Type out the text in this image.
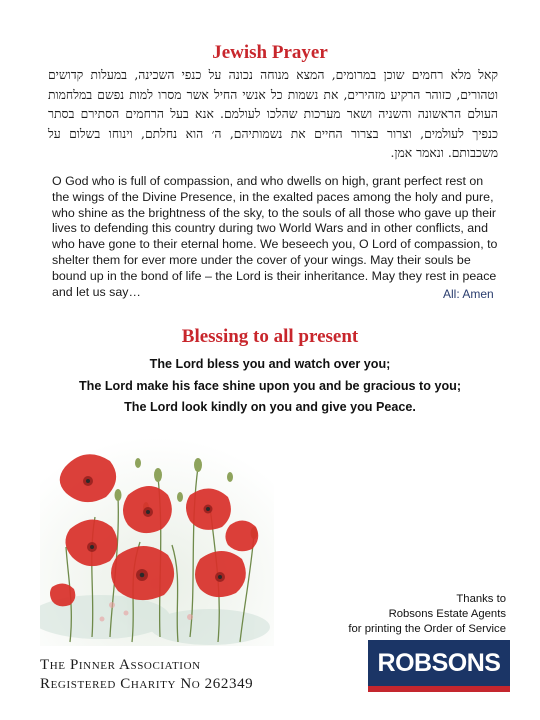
Jewish Prayer

קאל מלא רחמים שוכן במרומים, המצא מנוחה נכונה על כנפי השכינה, במעלות קדושים וטהורים, כזוהר הרקיע מזהירים, את נשמות כל אנשי החיל אשר מסרו למות נפשם במלחמות העולם הראשונה והשניה ושאר מערכות שהלכו לעולמם. אנא בעל הרחמים הסתירם בסתר כנפיך לעולמים, וצרור בצרור החיים את נשמותיהם, ה׳ הוא נחלתם, וינוחו בשלום על משכבותם. ונאמר אמן.

O God who is full of compassion, and who dwells on high, grant perfect rest on the wings of the Divine Presence, in the exalted paces among the holy and pure, who shine as the brightness of the sky, to the souls of all those who gave up their lives to defending this country during two World Wars and in other conflicts, and who have gone to their eternal home. We beseech you, O Lord of compassion, to shelter them for ever more under the cover of your wings. May their souls be bound up in the bond of life – the Lord is their inheritance. May they rest in peace and let us say…	All: Amen
Blessing to all present
The Lord bless you and watch over you;
The Lord make his face shine upon you and be gracious to you;
The Lord look kindly on you and give you Peace.
Thanks to
Robsons Estate Agents
for printing the Order of Service
The Pinner Association
Registered Charity No 262349
ROBSONS
